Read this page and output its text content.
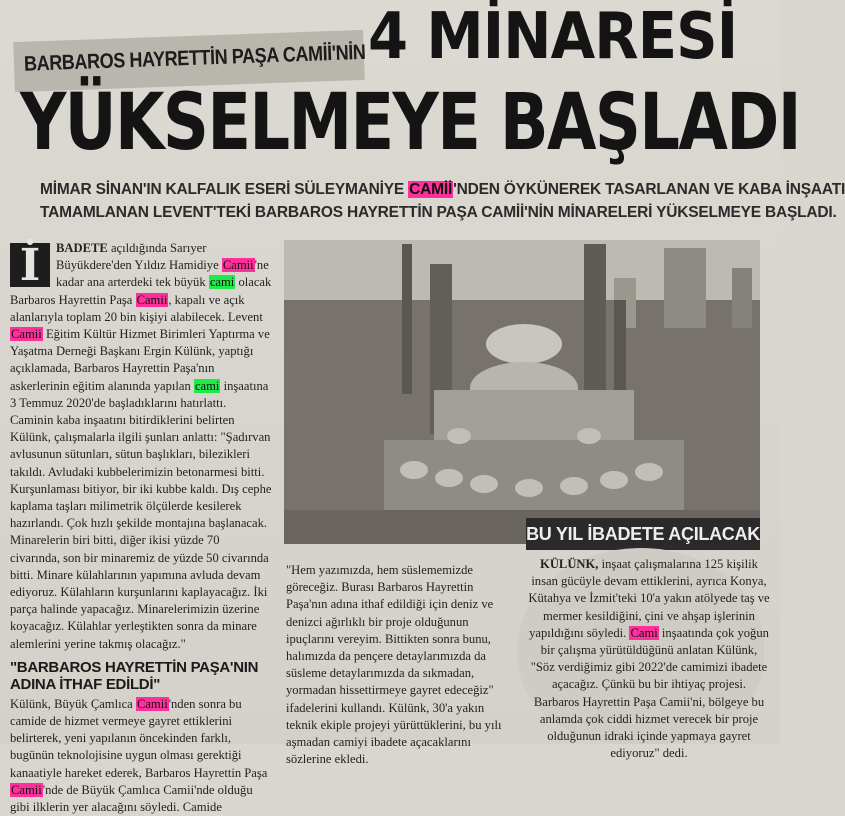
BARBAROS HAYRETTİN PAŞA CAMİİ'NİN 4 MİNARESİ
YÜKSELMEYE BAŞLADI
MİMAR SİNAN'IN KALFALIK ESERİ SÜLEYMANİYE CAMİİ'NDEN ÖYKÜNEREK TASARLANAN VE KABA İNŞAATI
TAMAMLANAN LEVENT'TEKİ BARBAROS HAYRETTİN PAŞA CAMİİ'NİN MİNARELERİ YÜKSELMEYE BAŞLADI.
İ	BADETE açıldığında Sarıyer Büyükdere'den Yıldız Hamidiye Camii'ne kadar ana arterdeki tek büyük cami olacak Barbaros Hayrettin Paşa Camii, kapalı ve açık alanlarıyla toplam 20 bin kişiyi alabilecek. Levent Camii Eğitim Kültür Hizmet Birimleri Yaptırma ve Yaşatma Derneği Başkanı Ergin Külünk, yaptığı açıklamada, Barbaros Hayrettin Paşa'nın askerlerinin eğitim alanında yapılan cami inşaatına 3 Temmuz 2020'de başladıklarını hatırlattı. Caminin kaba inşaatını bitirdiklerini belirten Külünk, çalışmalarla ilgili şunları anlattı: "Şadırvan avlusunun sütunları, sütun başlıkları, bilezikleri takıldı. Avludaki kubbelerimizin betonarmesi bitti. Kurşunlaması bitiyor, bir iki kubbe kaldı. Dış cephe kaplama taşları milimetrik ölçülerde kesilerek hazırlandı. Çok hızlı şekilde montajına başlanacak. Minarelerin biri bitti, diğer ikisi yüzde 70 civarında, son bir minaremiz de yüzde 50 civarında bitti. Minare külahlarının yapımına avluda devam ediyoruz. Külahların kurşunlarını kaplayacağız. İki parça halinde yapacağız. Minarelerimizin üzerine koyacağız. Külahlar yerleştikten sonra da minare alemlerini yerine takmış olacağız."

"BARBAROS HAYRETTİN PAŞA'NIN ADINA İTHAF EDİLDİ"

Külünk, Büyük Çamlıca Camii'nden sonra bu camide de hizmet vermeye gayret ettiklerini belirterek, yeni yapılanın öncekinden farklı, bugünün teknolojisine uygun olması gerektiği kanaatiyle hareket ederek, Barbaros Hayrettin Paşa Camii'nde de Büyük Çamlıca Camii'nde olduğu gibi ilklerin yer alacağını söyledi. Camide

BU YIL İBADETE AÇILACAK
"Hem yazımızda, hem süslememizde göreceğiz. Burası Barbaros Hayrettin Paşa'nın adına ithaf edildiği için deniz ve denizci ağırlıklı bir proje olduğunun ipuçlarını vereyim. Bittikten sonra bunu, halımızda da pençere detaylarımızda da süsleme detaylarımızda da sıkmadan, yormadan hissettirmeye gayret edeceğiz" ifadelerini kullandı. Külünk, 30'a yakın teknik ekiple projeyi yürüttüklerini, bu yılı aşmadan camiyi ibadete açacaklarını sözlerine ekledi.
KÜLÜNK, inşaat çalışmalarına 125 kişilik insan gücüyle devam ettiklerini, ayrıca Konya, Kütahya ve İzmit'teki 10'a yakın atölyede taş ve mermer kesildiğini, çini ve ahşap işlerinin yapıldığını söyledi. Cami inşaatında çok yoğun bir çalışma yürütüldüğünü anlatan Külünk, "Söz verdiğimiz gibi 2022'de camimizi ibadete açacağız. Çünkü bu bir ihtiyaç projesi. Barbaros Hayrettin Paşa Camii'ni, bölgeye bu anlamda çok ciddi hizmet verecek bir proje olduğunun idraki içinde yapmaya gayret ediyoruz" dedi.
